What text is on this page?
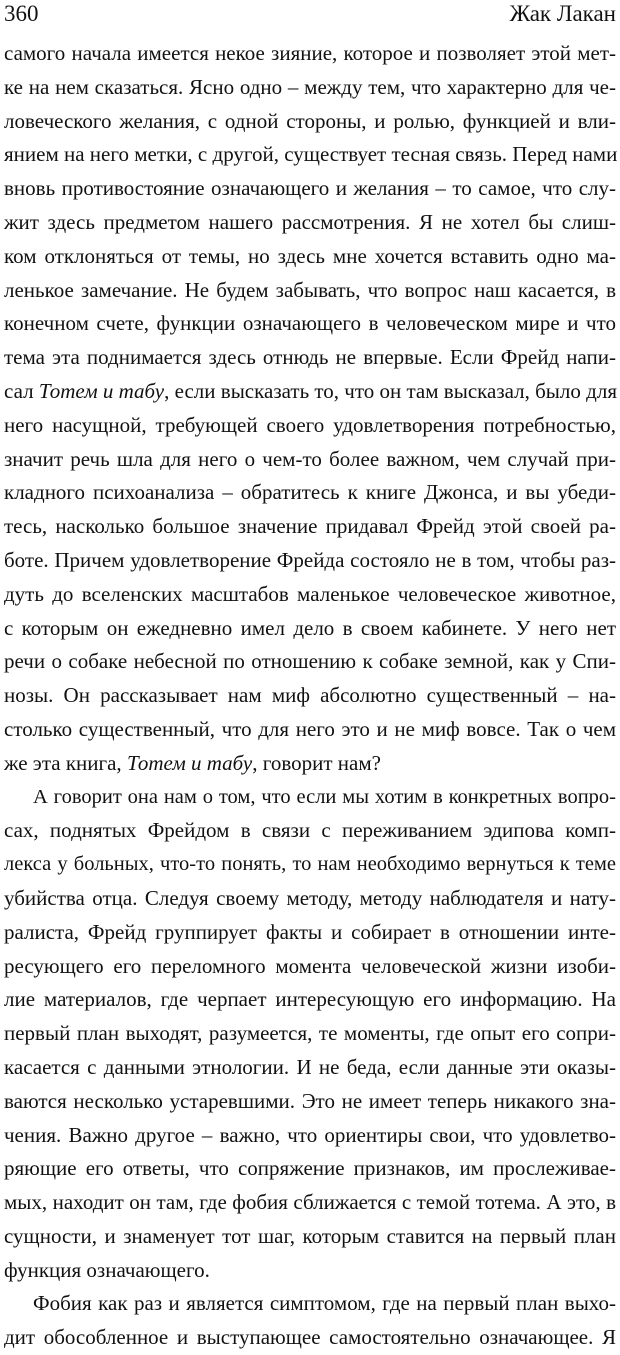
360	Жак Лакан
самого начала имеется некое зияние, которое и позволяет этой мет-
ке на нем сказаться. Ясно одно – между тем, что характерно для че-
ловеческого желания, с одной стороны, и ролью, функцией и вли-
янием на него метки, с другой, существует тесная связь. Перед нами
вновь противостояние означающего и желания – то самое, что слу-
жит здесь предметом нашего рассмотрения. Я не хотел бы слиш-
ком отклоняться от темы, но здесь мне хочется вставить одно ма-
ленькое замечание. Не будем забывать, что вопрос наш касается, в
конечном счете, функции означающего в человеческом мире и что
тема эта поднимается здесь отнюдь не впервые. Если Фрейд напи-
сал Тотем и табу, если высказать то, что он там высказал, было для
него насущной, требующей своего удовлетворения потребностью,
значит речь шла для него о чем-то более важном, чем случай при-
кладного психоанализа – обратитесь к книге Джонса, и вы убеди-
тесь, насколько большое значение придавал Фрейд этой своей ра-
боте. Причем удовлетворение Фрейда состояло не в том, чтобы раз-
дуть до вселенских масштабов маленькое человеческое животное,
с которым он ежедневно имел дело в своем кабинете. У него нет
речи о собаке небесной по отношению к собаке земной, как у Спи-
нозы. Он рассказывает нам миф абсолютно существенный – на-
столько существенный, что для него это и не миф вовсе. Так о чем
же эта книга, Тотем и табу, говорит нам?
А говорит она нам о том, что если мы хотим в конкретных вопро-
сах, поднятых Фрейдом в связи с переживанием эдипова комп-
лекса у больных, что-то понять, то нам необходимо вернуться к теме
убийства отца. Следуя своему методу, методу наблюдателя и нату-
ралиста, Фрейд группирует факты и собирает в отношении инте-
ресующего его переломного момента человеческой жизни изоби-
лие материалов, где черпает интересующую его информацию. На
первый план выходят, разумеется, те моменты, где опыт его сопри-
касается с данными этнологии. И не беда, если данные эти оказы-
ваются несколько устаревшими. Это не имеет теперь никакого зна-
чения. Важно другое – важно, что ориентиры свои, что удовлетво-
ряющие его ответы, что сопряжение признаков, им прослеживае-
мых, находит он там, где фобия сближается с темой тотема. А это, в
сущности, и знаменует тот шаг, которым ставится на первый план
функция означающего.
Фобия как раз и является симптомом, где на первый план выхо-
дит обособленное и выступающее самостоятельно означающее. Я
